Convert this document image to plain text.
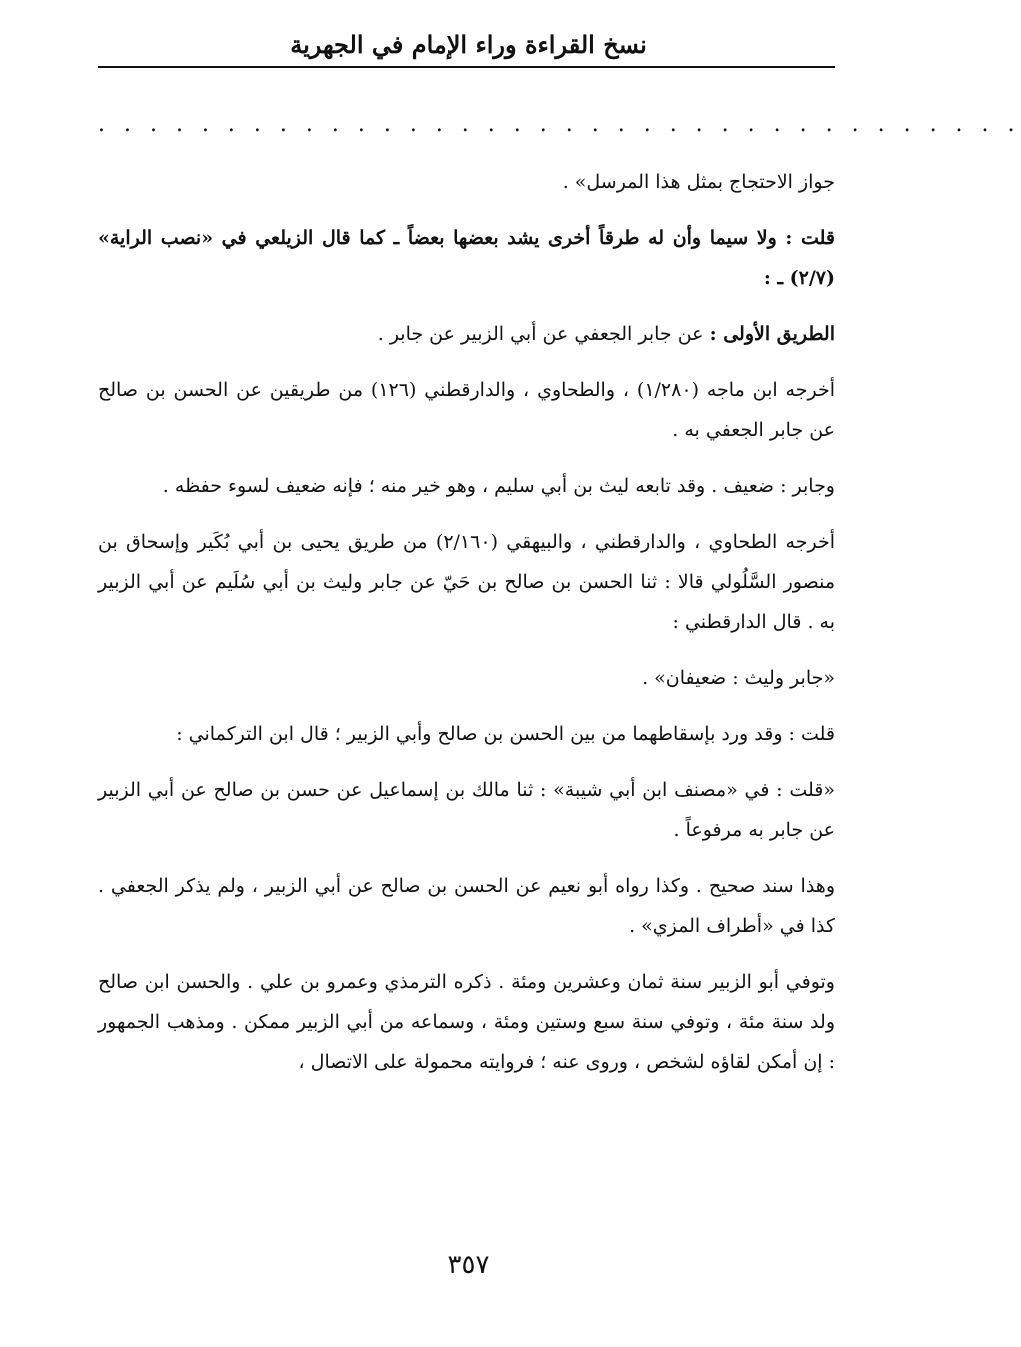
نسخ القراءة وراء الإمام في الجهرية
. . . . . . . . . . . . . . . . . . . . . . . . . . . . . . . . . . . .

جواز الاحتجاج بمثل هذا المرسل» .

قلت : ولا سيما وأن له طرقاً أخرى يشد بعضها بعضاً ـ كما قال الزيلعي في «نصب الراية» (٢/٧) ـ :

الطريق الأولى : عن جابر الجعفي عن أبي الزبير عن جابر .

أخرجه ابن ماجه (١/٢٨٠) ، والطحاوي ، والدارقطني (١٢٦) من طريقين عن الحسن بن صالح عن جابر الجعفي به .

وجابر : ضعيف . وقد تابعه ليث بن أبي سليم ، وهو خير منه ؛ فإنه ضعيف لسوء حفظه .

أخرجه الطحاوي ، والدارقطني ، والبيهقي (٢/١٦٠) من طريق يحيى بن أبي بُكَير وإسحاق بن منصور السَّلُولي قالا : ثنا الحسن بن صالح بن حَيّ عن جابر وليث بن أبي سُلَيم عن أبي الزبير به . قال الدارقطني :

«جابر وليث : ضعيفان» .

قلت : وقد ورد بإسقاطهما من بين الحسن بن صالح وأبي الزبير ؛ قال ابن التركماني :

«قلت : في «مصنف ابن أبي شيبة» : ثنا مالك بن إسماعيل عن حسن بن صالح عن أبي الزبير عن جابر به مرفوعاً .

وهذا سند صحيح . وكذا رواه أبو نعيم عن الحسن بن صالح عن أبي الزبير ، ولم يذكر الجعفي . كذا في «أطراف المزي» .

وتوفي أبو الزبير سنة ثمان وعشرين ومئة . ذكره الترمذي وعمرو بن علي . والحسن ابن صالح ولد سنة مئة ، وتوفي سنة سبع وستين ومئة ، وسماعه من أبي الزبير ممكن . ومذهب الجمهور : إن أمكن لقاؤه لشخص ، وروى عنه ؛ فروايته محمولة على الاتصال ،

٣٥٧
